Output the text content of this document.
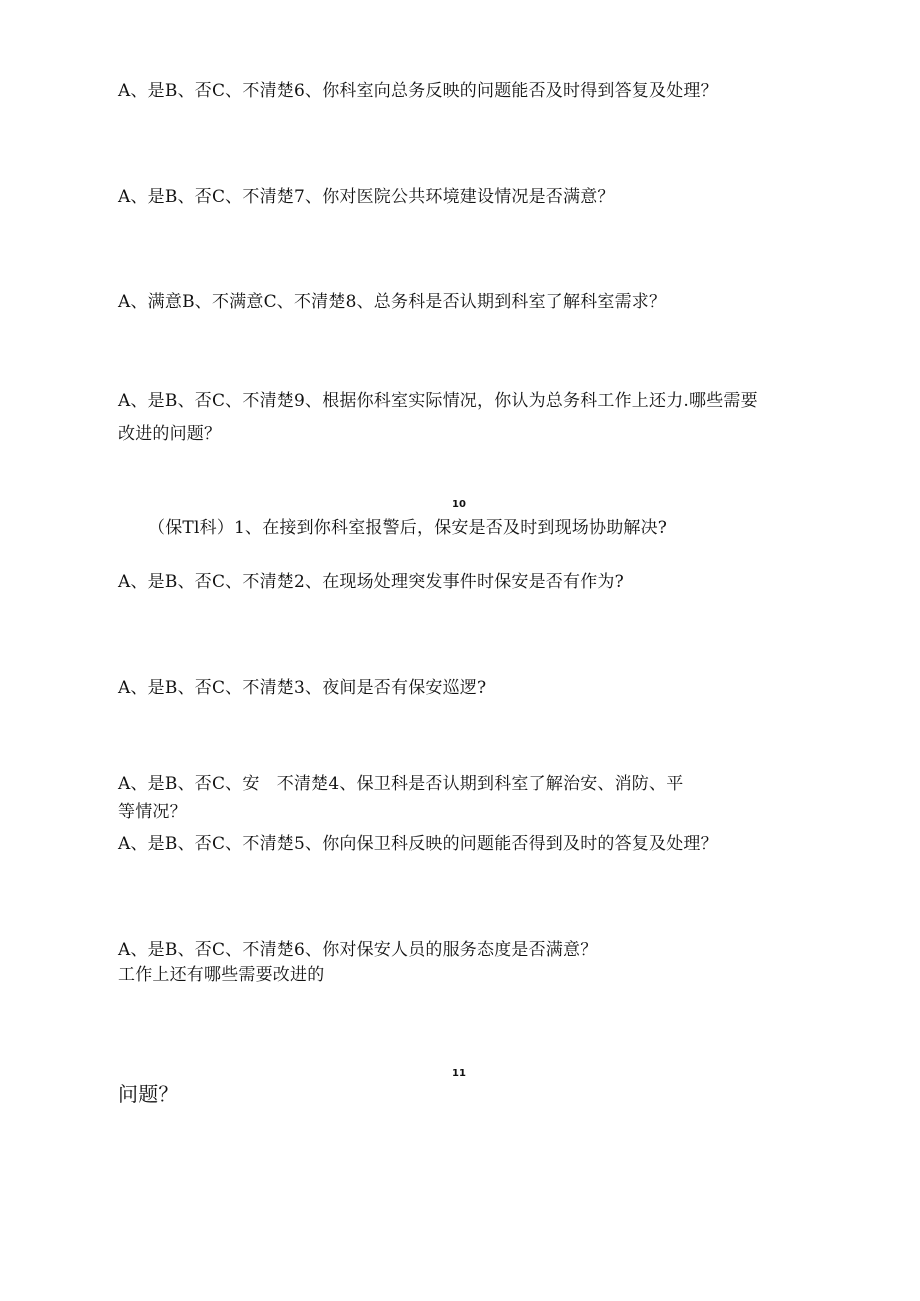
A、是B、否C、不清楚6、你科室向总务反映的问题能否及时得到答复及处理？
A、是B、否C、不清楚7、你对医院公共环境建设情况是否满意？
A、满意B、不满意C、不清楚8、总务科是否认期到科室了解科室需求？
A、是B、否C、不清楚9、根据你科室实际情况，你认为总务科工作上还力.哪些需要
改进的问题？
10
（保Tl科）1、在接到你科室报警后，保安是否及时到现场协助解决?
A、是B、否C、不清楚2、在现场处理突发事件时保安是否有作为?
A、是B、否C、不清楚3、夜间是否有保安巡逻?
A、是B、否C、安　不清楚4、保卫科是否认期到科室了解治安、消防、平
等情况？
A、是B、否C、不清楚5、你向保卫科反映的问题能否得到及时的答复及处理？
A、是B、否C、不清楚6、你对保安人员的服务态度是否满意？
工作上还有哪些需要改进的
11
问题？
